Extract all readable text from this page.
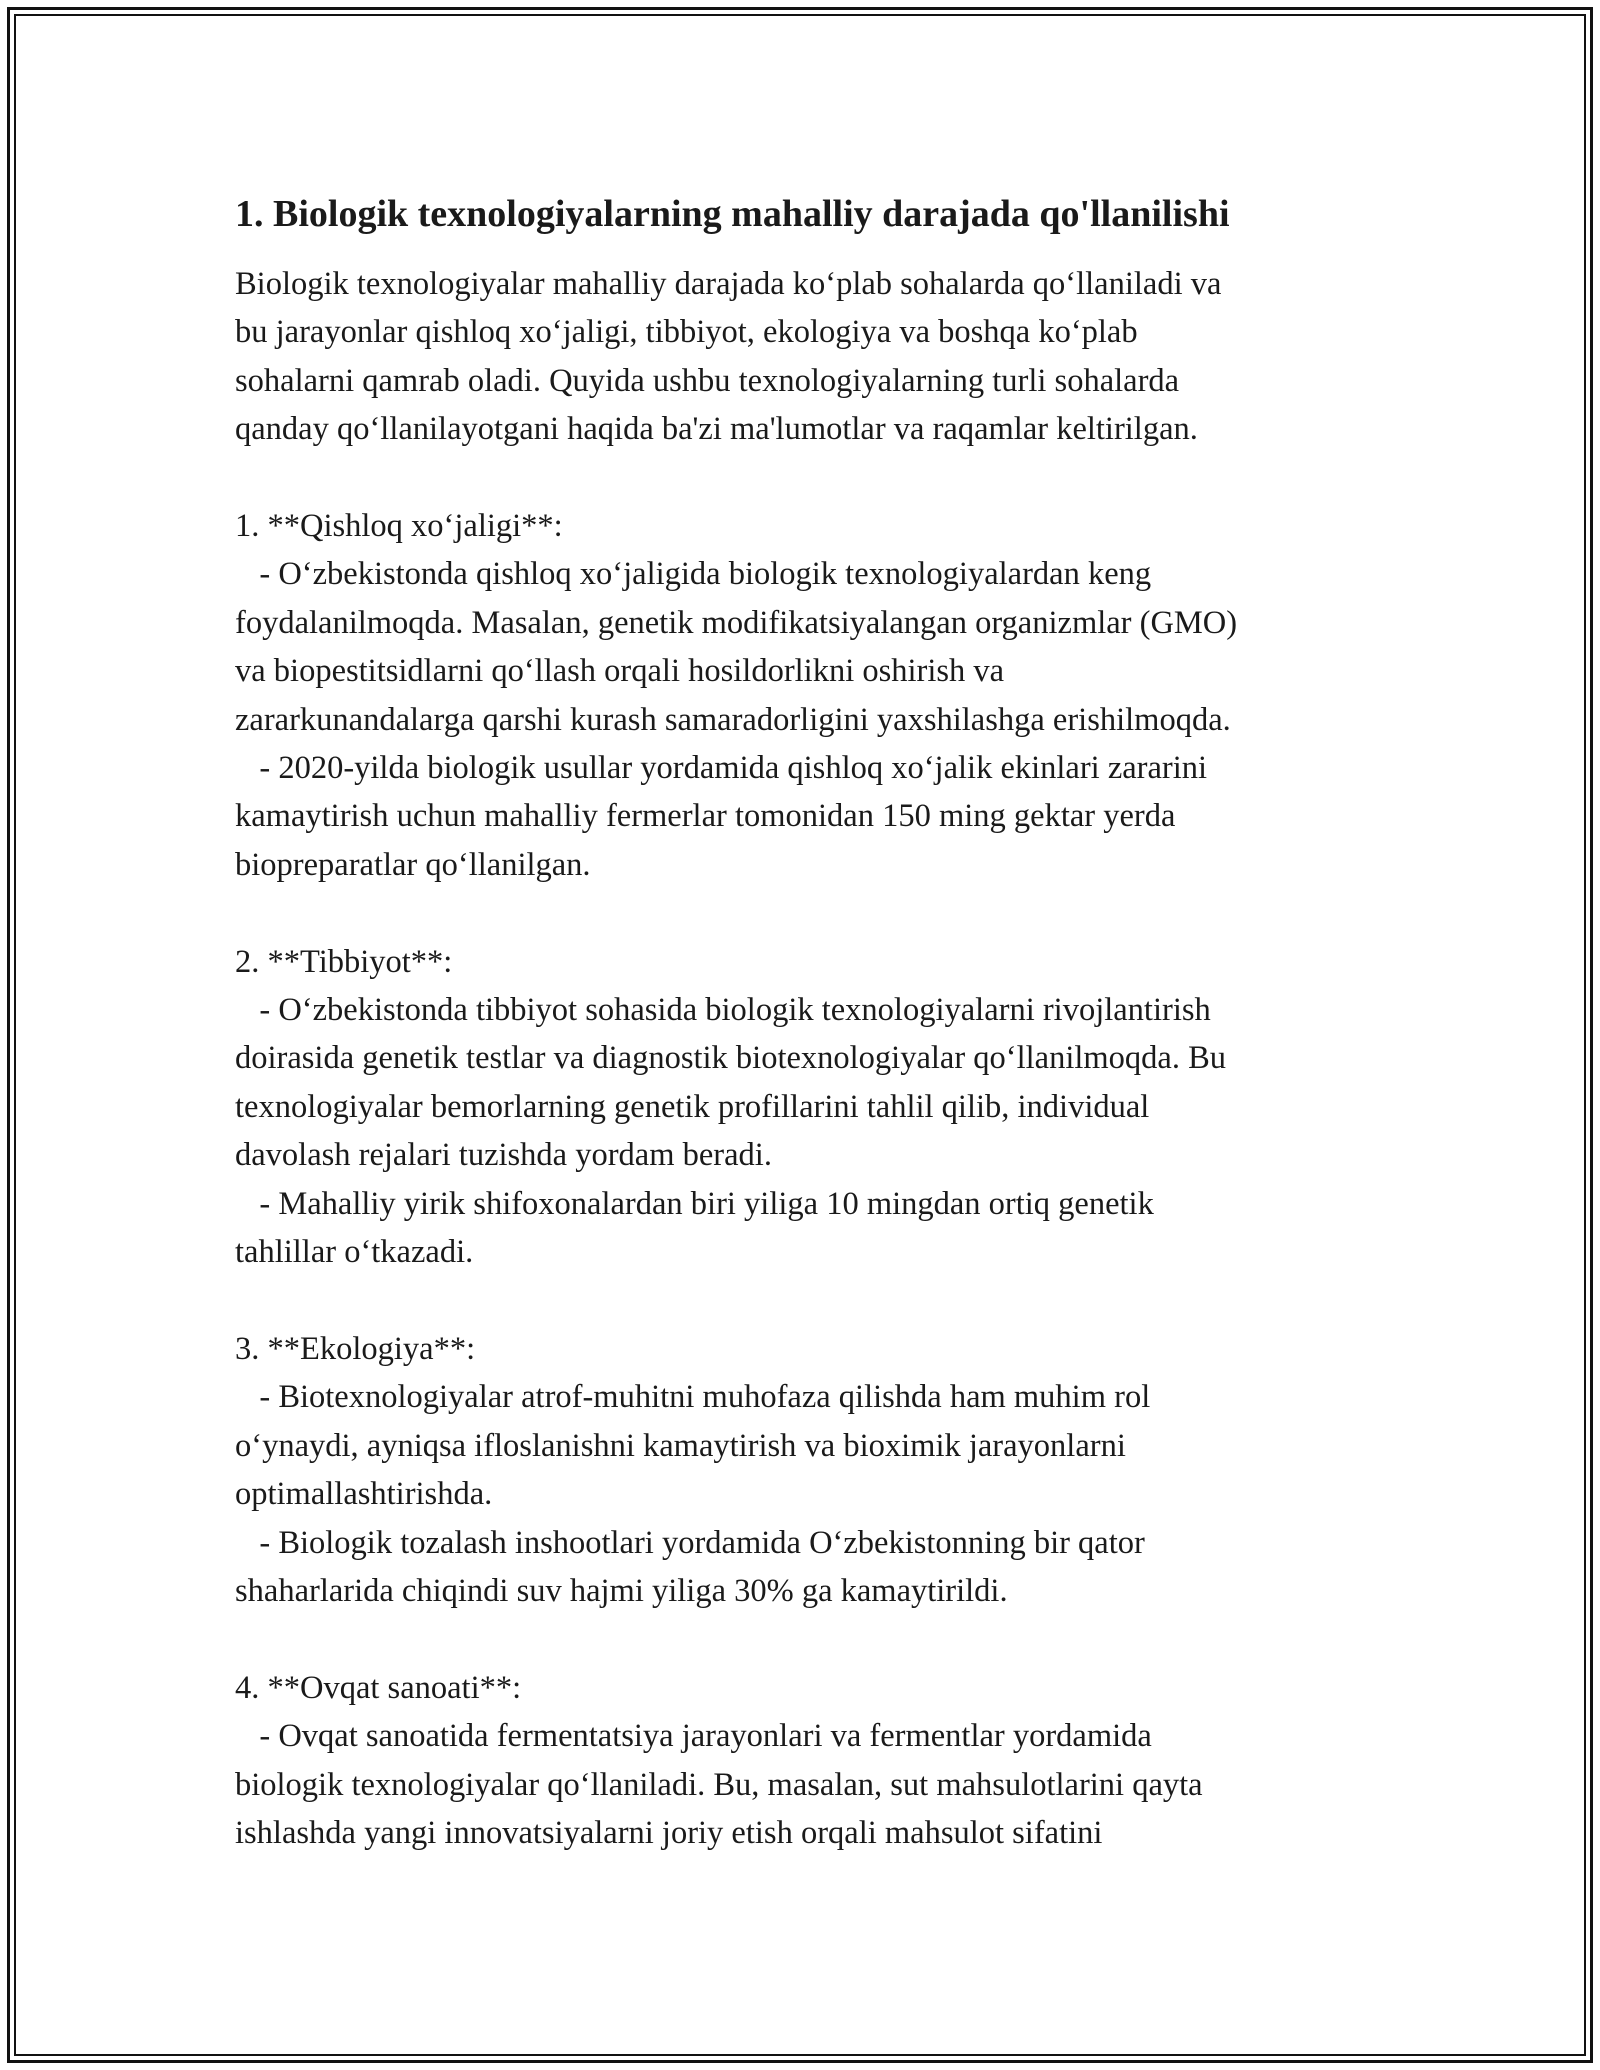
1. Biologik texnologiyalarning mahalliy darajada qo'llanilishi
Biologik texnologiyalar mahalliy darajada koʻplab sohalarda qoʻllaniladi va
bu jarayonlar qishloq xoʻjaligi, tibbiyot, ekologiya va boshqa koʻplab
sohalarni qamrab oladi. Quyida ushbu texnologiyalarning turli sohalarda
qanday qoʻllanilayotgani haqida ba'zi ma'lumotlar va raqamlar keltirilgan.
1. **Qishloq xoʻjaligi**:
- Oʻzbekistonda qishloq xoʻjaligida biologik texnologiyalardan keng
foydalanilmoqda. Masalan, genetik modifikatsiyalangan organizmlar (GMO)
va biopestitsidlarni qoʻllash orqali hosildorlikni oshirish va
zararkunandalarga qarshi kurash samaradorligini yaxshilashga erishilmoqda.
- 2020-yilda biologik usullar yordamida qishloq xoʻjalik ekinlari zararini
kamaytirish uchun mahalliy fermerlar tomonidan 150 ming gektar yerda
biopreparatlar qoʻllanilgan.
2. **Tibbiyot**:
- Oʻzbekistonda tibbiyot sohasida biologik texnologiyalarni rivojlantirish
doirasida genetik testlar va diagnostik biotexnologiyalar qoʻllanilmoqda. Bu
texnologiyalar bemorlarning genetik profillarini tahlil qilib, individual
davolash rejalari tuzishda yordam beradi.
- Mahalliy yirik shifoxonalardan biri yiliga 10 mingdan ortiq genetik
tahlillar oʻtkazadi.
3. **Ekologiya**:
- Biotexnologiyalar atrof-muhitni muhofaza qilishda ham muhim rol
oʻynaydi, ayniqsa ifloslanishni kamaytirish va bioximik jarayonlarni
optimallashtirishda.
- Biologik tozalash inshootlari yordamida Oʻzbekistonning bir qator
shaharlarida chiqindi suv hajmi yiliga 30% ga kamaytirildi.
4. **Ovqat sanoati**:
- Ovqat sanoatida fermentatsiya jarayonlari va fermentlar yordamida
biologik texnologiyalar qoʻllaniladi. Bu, masalan, sut mahsulotlarini qayta
ishlashda yangi innovatsiyalarni joriy etish orqali mahsulot sifatini
